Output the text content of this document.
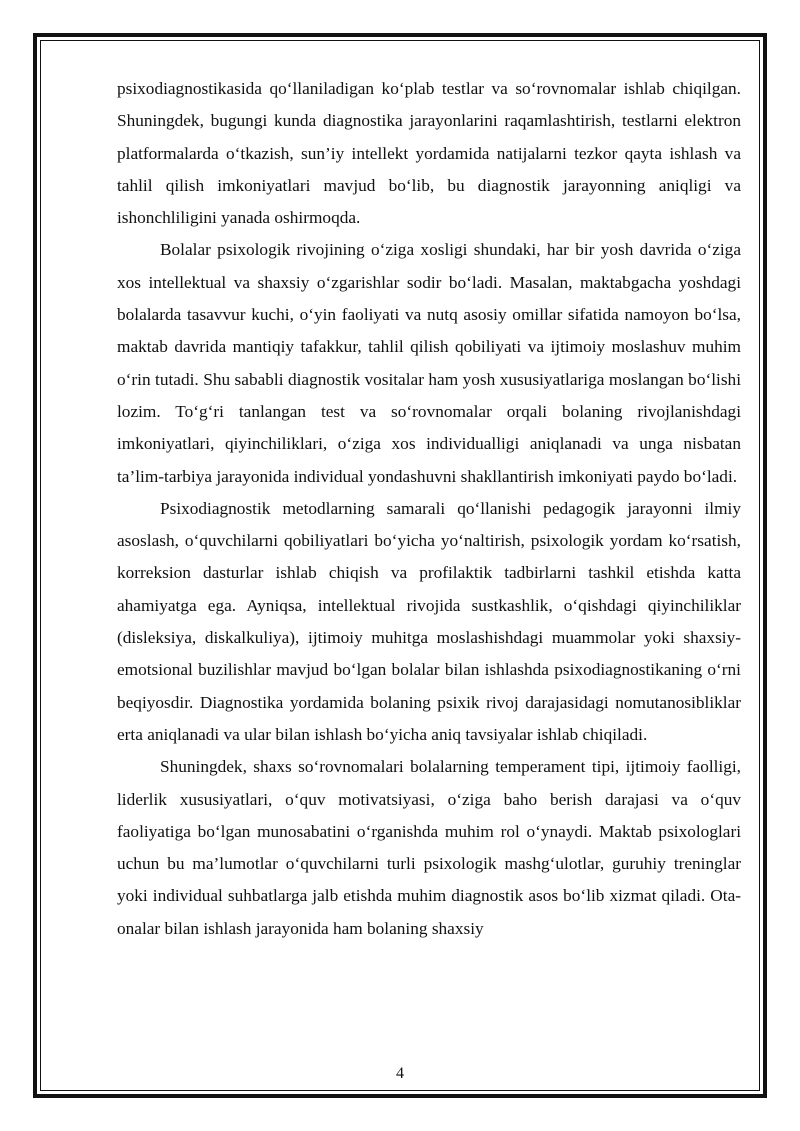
psixodiagnostikasida qo‘llaniladigan ko‘plab testlar va so‘rovnomalar ishlab chiqilgan. Shuningdek, bugungi kunda diagnostika jarayonlarini raqamlashtirish, testlarni elektron platformalarda o‘tkazish, sun’iy intellekt yordamida natijalarni tezkor qayta ishlash va tahlil qilish imkoniyatlari mavjud bo‘lib, bu diagnostik jarayonning aniqligi va ishonchliligini yanada oshirmoqda.

Bolalar psixologik rivojining o‘ziga xosligi shundaki, har bir yosh davrida o‘ziga xos intellektual va shaxsiy o‘zgarishlar sodir bo‘ladi. Masalan, maktabgacha yoshdagi bolalarda tasavvur kuchi, o‘yin faoliyati va nutq asosiy omillar sifatida namoyon bo‘lsa, maktab davrida mantiqiy tafakkur, tahlil qilish qobiliyati va ijtimoiy moslashuv muhim o‘rin tutadi. Shu sababli diagnostik vositalar ham yosh xususiyatlariga moslangan bo‘lishi lozim. To‘g‘ri tanlangan test va so‘rovnomalar orqali bolaning rivojlanishdagi imkoniyatlari, qiyinchiliklari, o‘ziga xos individualligi aniqlanadi va unga nisbatan ta’lim-tarbiya jarayonida individual yondashuvni shakllantirish imkoniyati paydo bo‘ladi.

Psixodiagnostik metodlarning samarali qo‘llanishi pedagogik jarayonni ilmiy asoslash, o‘quvchilarni qobiliyatlari bo‘yicha yo‘naltirish, psixologik yordam ko‘rsatish, korreksion dasturlar ishlab chiqish va profilaktik tadbirlarni tashkil etishda katta ahamiyatga ega. Ayniqsa, intellektual rivojida sustkashlik, o‘qishdagi qiyinchiliklar (disleksiya, diskalkuliya), ijtimoiy muhitga moslashishdagi muammolar yoki shaxsiy-emotsional buzilishlar mavjud bo‘lgan bolalar bilan ishlashda psixodiagnostikaning o‘rni beqiyosdir. Diagnostika yordamida bolaning psixik rivoj darajasidagi nomutanosibliklar erta aniqlanadi va ular bilan ishlash bo‘yicha aniq tavsiyalar ishlab chiqiladi.

Shuningdek, shaxs so‘rovnomalari bolalarning temperament tipi, ijtimoiy faolligi, liderlik xususiyatlari, o‘quv motivatsiyasi, o‘ziga baho berish darajasi va o‘quv faoliyatiga bo‘lgan munosabatini o‘rganishda muhim rol o‘ynaydi. Maktab psixologlari uchun bu ma’lumotlar o‘quvchilarni turli psixologik mashg‘ulotlar, guruhiy treninglar yoki individual suhbatlarga jalb etishda muhim diagnostik asos bo‘lib xizmat qiladi. Ota-onalar bilan ishlash jarayonida ham bolaning shaxsiy

4
